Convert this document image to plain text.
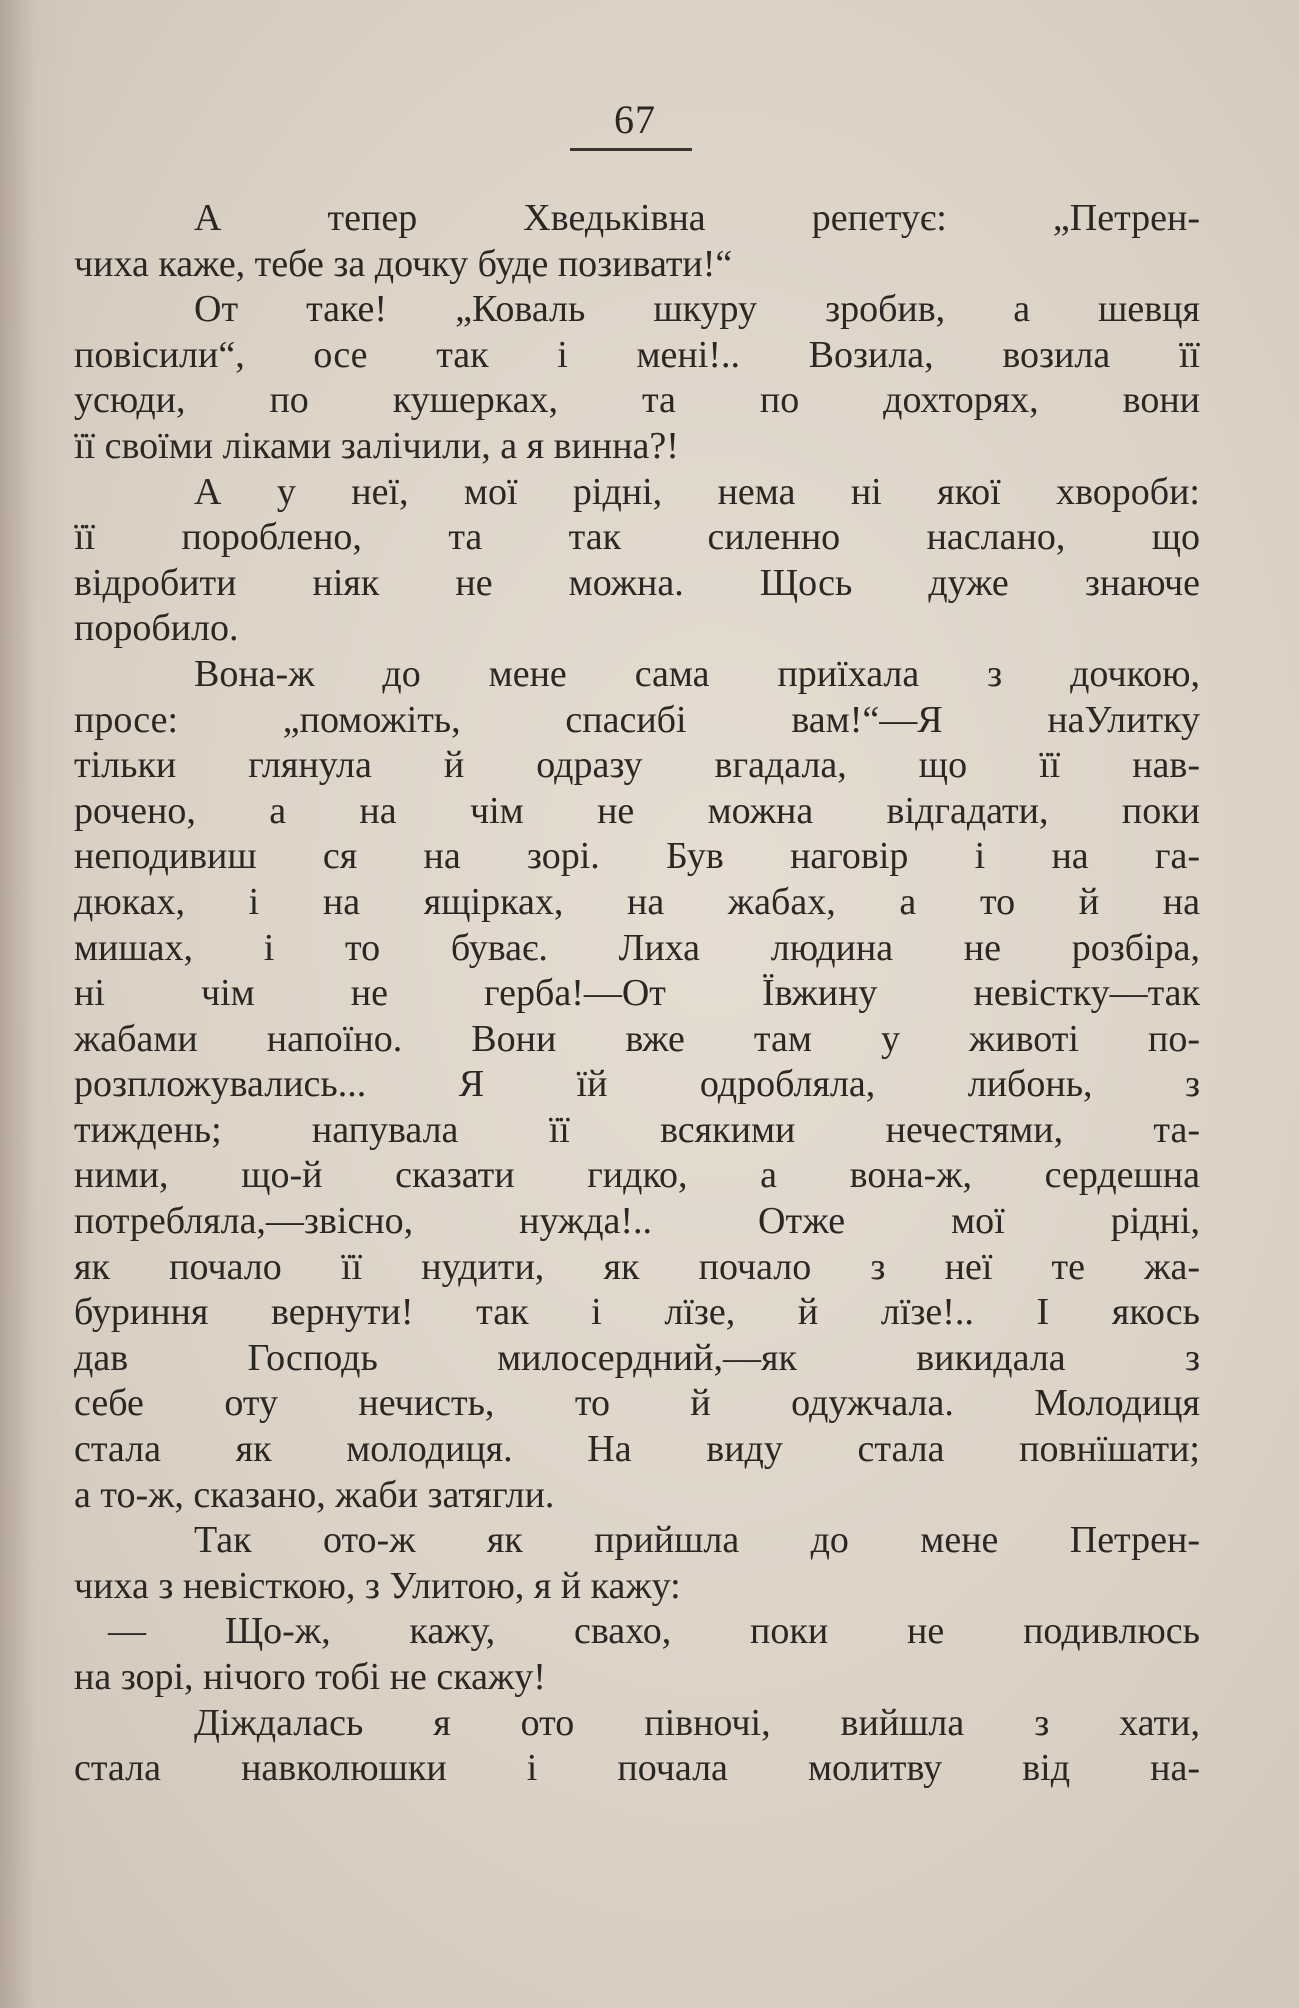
67
А тепер Хведьківна репетує: „Петрен-
чиха каже, тебе за дочку буде позивати!“
От таке! „Коваль шкуру зробив, а шевця
повісили“, осе так і мені!.. Возила, возила її
усюди, по кушерках, та по дохторях, вони
її своїми ліками залічили, а я винна?!
А у неї, мої рідні, нема ні якої хвороби:
її пороблено, та так силенно наслано, що
відробити ніяк не можна. Щось дуже знаюче
поробило.
Вона-ж до мене сама приїхала з дочкою,
просе: „поможіть, спасибі вам!“—Я наУлитку
тільки глянула й одразу вгадала, що її нав-
рочено, а на чім не можна відгадати, поки
неподивиш ся на зорі. Був наговір і на га-
дюках, і на ящірках, на жабах, а то й на
мишах, і то буває. Лиха людина не розбіра,
ні чім не герба!—От Ївжину невістку—так
жабами напоїно. Вони вже там у животі по-
розпложувались... Я їй одробляла, либонь, з
тиждень; напувала її всякими нечестями, та-
ними, що-й сказати гидко, а вона-ж, сердешна
потребляла,—звісно, нужда!.. Отже мої рідні,
як почало її нудити, як почало з неї те жа-
буриння вернути! так і лїзе, й лїзе!.. І якось
дав Господь милосердний,—як викидала з
себе оту нечисть, то й одужчала. Молодиця
стала як молодиця. На виду стала повнїшати;
а то-ж, сказано, жаби затягли.
Так ото-ж як прийшла до мене Петрен-
чиха з невісткою, з Улитою, я й кажу:
— Що-ж, кажу, свахо, поки не подивлюсь
на зорі, нічого тобі не скажу!
Діждалась я ото півночі, вийшла з хати,
стала навколюшки і почала молитву від на-
